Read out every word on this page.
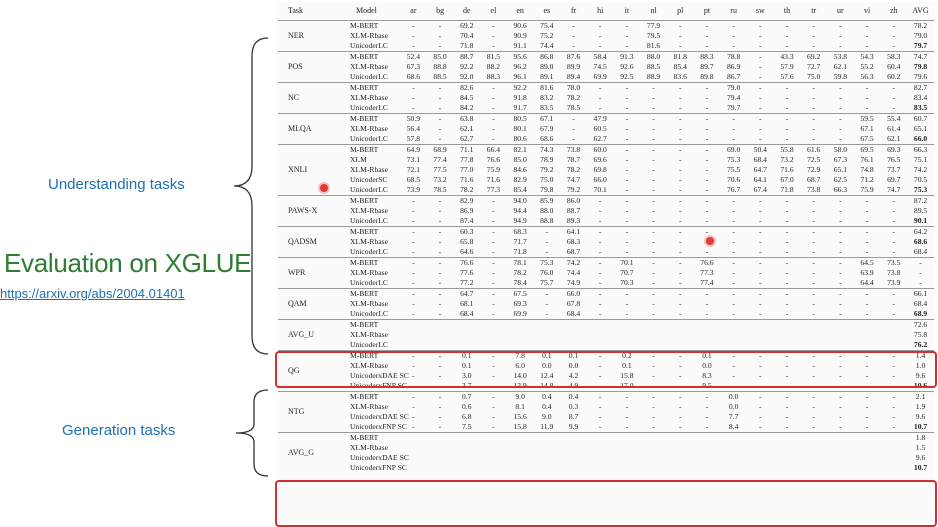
Understanding tasks
Evaluation on XGLUE
https://arxiv.org/abs/2004.01401
Generation tasks
Task	Model	ar	bg	de	el	en	es	fr	hi	it	nl	pl	pt	ru	sw	th	tr	ur	vi	zh	AVG
NER	M-BERT	-	-	69.2	-	90.6	75.4	-	-	-	77.9	-	-	-	-	-	-	-	-	-	78.2
	XLM-Rbase	-	-	70.4	-	90.9	75.2	-	-	-	79.5	-	-	-	-	-	-	-	-	-	79.0
	UnicoderLC	-	-	71.8	-	91.1	74.4	-	-	-	81.6	-	-	-	-	-	-	-	-	-	79.7
POS	M-BERT	52.4	85.0	88.7	81.5	95.6	86.8	87.6	58.4	91.3	88.0	81.8	88.3	78.8	-	43.3	69.2	53.8	54.3	58.3	74.7
	XLM-Rbase	67.3	88.8	92.2	88.2	96.2	89.0	89.9	74.5	92.6	88.5	85.4	89.7	86.9	-	57.9	72.7	62.1	55.2	60.4	79.8
	UnicoderLC	68.6	88.5	92.0	88.3	96.1	89.1	89.4	69.9	92.5	88.9	83.6	89.8	86.7	-	57.6	75.0	59.8	56.3	60.2	79.6
NC	M-BERT	-	-	82.6	-	92.2	81.6	78.0	-	-	-	-	-	79.0	-	-	-	-	-	-	82.7
	XLM-Rbase	-	-	84.5	-	91.8	83.2	78.2	-	-	-	-	-	79.4	-	-	-	-	-	-	83.4
	UnicoderLC	-	-	84.2	-	91.7	83.5	78.5	-	-	-	-	-	79.7	-	-	-	-	-	-	83.5
MLQA	M-BERT	50.9	-	63.8	-	80.5	67.1	-	47.9	-	-	-	-	-	-	-	-	-	59.5	55.4	60.7
	XLM-Rbase	56.4	-	62.1	-	80.1	67.9	-	60.5	-	-	-	-	-	-	-	-	-	67.1	61.4	65.1
	UnicoderLC	57.8	-	62.7	-	80.6	68.6	-	62.7	-	-	-	-	-	-	-	-	-	67.5	62.1	66.0
XNLI	M-BERT	64.9	68.9	71.1	66.4	82.1	74.3	73.8	60.0	-	-	-	-	69.0	50.4	55.8	61.6	58.0	69.5	69.3	66.3
	XLM	73.1	77.4	77.8	76.6	85.0	78.9	78.7	69.6	-	-	-	-	75.3	68.4	73.2	72.5	67.3	76.1	76.5	75.1
	XLM-Rbase	72.1	77.5	77.0	75.9	84.6	79.2	78.2	69.8	-	-	-	-	75.5	64.7	71.6	72.9	65.1	74.8	73.7	74.2
	UnicoderSC	68.5	73.2	71.6	71.6	82.9	75.0	74.7	66.0	-	-	-	-	70.6	64.1	67.0	68.7	62.5	71.2	69.7	70.5
	UnicoderLC	73.9	78.5	78.2	77.3	85.4	79.8	79.2	70.1	-	-	-	-	76.7	67.4	71.8	73.8	66.3	75.9	74.7	75.3
PAWS-X	M-BERT	-	-	82.9	-	94.0	85.9	86.0	-	-	-	-	-	-	-	-	-	-	-	-	87.2
	XLM-Rbase	-	-	86.9	-	94.4	88.0	88.7	-	-	-	-	-	-	-	-	-	-	-	-	89.5
	UnicoderLC	-	-	87.4	-	94.9	88.8	89.3	-	-	-	-	-	-	-	-	-	-	-	-	90.1
QADSM	M-BERT	-	-	60.3	-	68.3	-	64.1	-	-	-	-	-	-	-	-	-	-	-	-	64.2
	XLM-Rbase	-	-	65.8	-	71.7	-	68.3	-	-	-	-		-	-	-	-	-	-	-	68.6
	UnicoderLC	-	-	64.6	-	71.8	-	68.7	-	-	-	-	-	-	-	-	-	-	-	-	68.4
WPR	M-BERT	-	-	76.6	-	78.1	75.3	74.2	-	70.1	-	-	76.6	-	-	-	-	-	64.5	73.5	-
	XLM-Rbase	-	-	77.6	-	78.2	76.0	74.4	-	70.7	-	-	77.3	-	-	-	-	-	63.9	73.8	-
	UnicoderLC	-	-	77.2	-	78.4	75.7	74.9	-	70.3	-	-	77.4	-	-	-	-	-	64.4	73.9	-
QAM	M-BERT	-	-	64.7	-	67.5	-	66.0	-	-	-	-	-	-	-	-	-	-	-	-	66.1
	XLM-Rbase	-	-	68.1	-	69.3	-	67.8	-	-	-	-	-	-	-	-	-	-	-	-	68.4
	UnicoderLC	-	-	68.4	-	69.9	-	68.4	-	-	-	-	-	-	-	-	-	-	-	-	68.9
AVG_U	M-BERT																				72.6
	XLM-Rbase																				75.8
	UnicoderLC																				76.2
QG	M-BERT	-	-	0.1	-	7.8	0.1	0.1	-	0.2	-	-	0.1	-	-	-	-	-	-	-	1.4
	XLM-Rbase	-	-	0.1	-	6.0	0.0	0.0	-	0.1	-	-	0.0	-	-	-	-	-	-	-	1.0
	UnicoderxDAE SC	-	-	3.0	-	14.0	12.4	4.2	-	15.8	-	-	8.3	-	-	-	-	-	-	-	9.6
	UnicoderxFNP SC	-	-	3.7	-	13.9	14.8	4.9	-	17.0	-	-	9.5	-	-	-	-	-	-	-	10.6
NTG	M-BERT	-	-	0.7	-	9.0	0.4	0.4	-	-	-	-	-	0.0	-	-	-	-	-	-	2.1
	XLM-Rbase	-	-	0.6	-	8.1	0.4	0.3	-	-	-	-	-	0.0	-	-	-	-	-	-	1.9
	UnicoderxDAE SC	-	-	6.8	-	15.6	9.0	8.7	-	-	-	-	-	7.7	-	-	-	-	-	-	9.6
	UnicoderxFNP SC	-	-	7.5	-	15.8	11.9	9.9	-	-	-	-	-	8.4	-	-	-	-	-	-	10.7
AVG_G	M-BERT																				1.8
	XLM-Rbase																				1.5
	UnicoderxDAE SC																				9.6
	UnicoderxFNP SC																				10.7
